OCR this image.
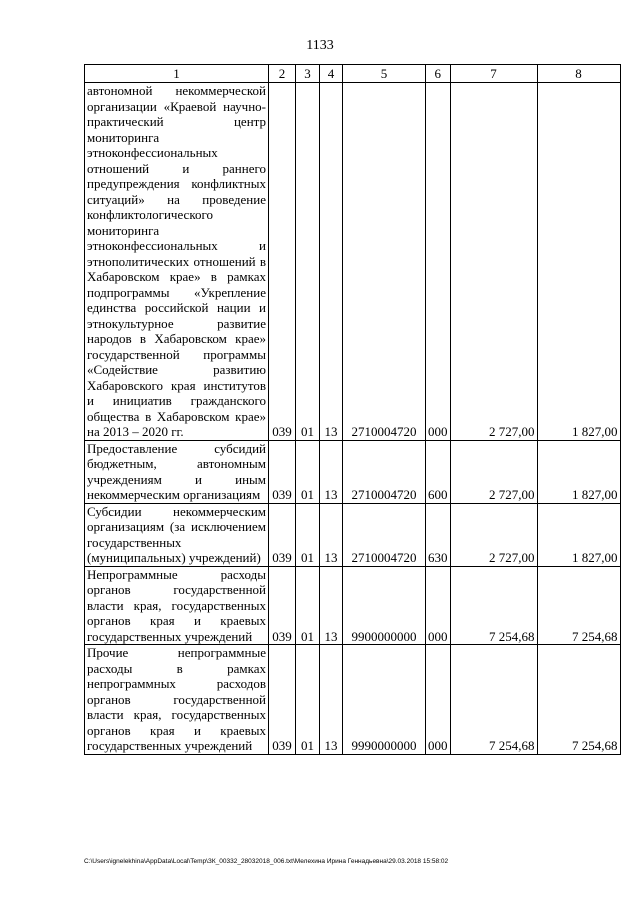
1133
1	2	3	4	5	6	7	8
автономной некоммерческой организации «Краевой научно-практический центр мониторинга этноконфессиональных отношений и раннего предупреждения конфликтных ситуаций» на проведение конфликтологического мониторинга этноконфессиональных и этнополитических отношений в Хабаровском крае» в рамках подпрограммы «Укрепление единства российской нации и этнокультурное развитие народов в Хабаровском крае» государственной программы «Содействие развитию Хабаровского края институтов и инициатив гражданского общества в Хабаровском крае» на 2013 – 2020 гг.	039	01	13	2710004720	000	2 727,00	1 827,00
Предоставление субсидий бюджетным, автономным учреждениям и иным некоммерческим организациям	039	01	13	2710004720	600	2 727,00	1 827,00
Субсидии некоммерческим организациям (за исключением государственных (муниципальных) учреждений)	039	01	13	2710004720	630	2 727,00	1 827,00
Непрограммные расходы органов государственной власти края, государственных органов края и краевых государственных учреждений	039	01	13	9900000000	000	7 254,68	7 254,68
Прочие непрограммные расходы в рамках непрограммных расходов органов государственной власти края, государственных органов края и краевых государственных учреждений	039	01	13	9990000000	000	7 254,68	7 254,68
C:\Users\ignelekhina\AppData\Local\Temp\ЗК_00332_28032018_006.txt\Мелехина Ирина Геннадьевна\29.03.2018 15:58:02
